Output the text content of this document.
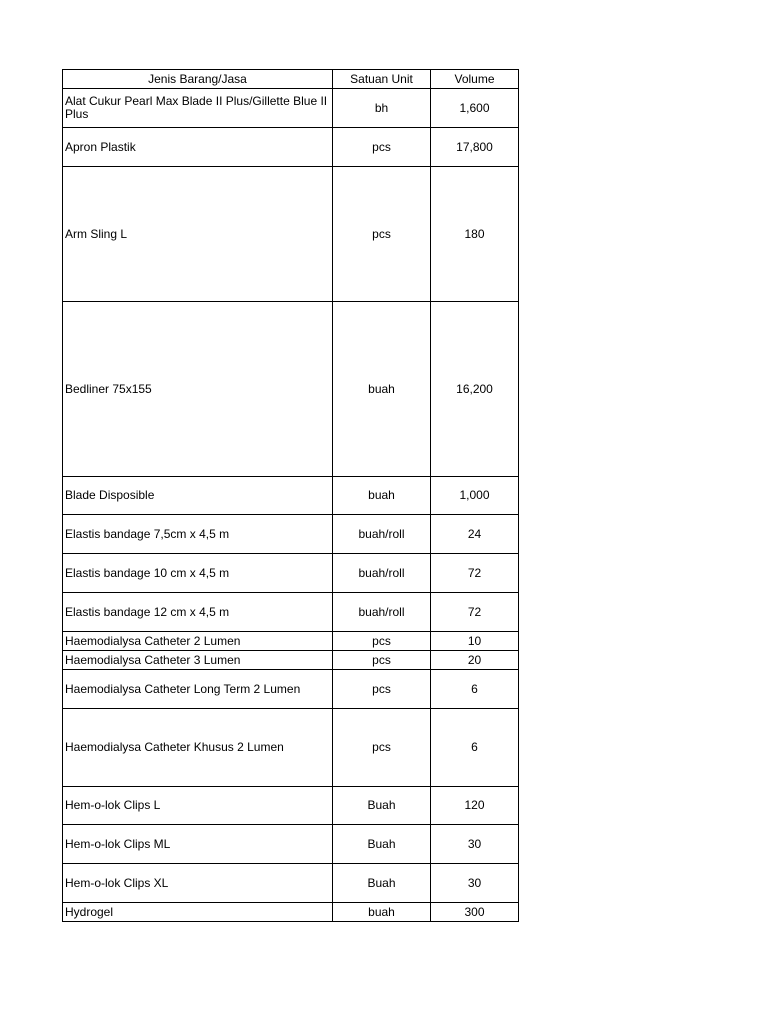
Jenis Barang/Jasa	Satuan Unit	Volume
Alat Cukur Pearl Max Blade II Plus/Gillette Blue II Plus	bh	1,600
Apron Plastik	pcs	17,800
Arm Sling L	pcs	180
Bedliner 75x155	buah	16,200
Blade Disposible	buah	1,000
Elastis bandage 7,5cm x 4,5 m	buah/roll	24
Elastis bandage 10 cm x 4,5 m	buah/roll	72
Elastis bandage 12 cm x 4,5 m	buah/roll	72
Haemodialysa Catheter 2 Lumen	pcs	10
Haemodialysa Catheter 3 Lumen	pcs	20
Haemodialysa Catheter Long Term 2 Lumen	pcs	6
Haemodialysa Catheter Khusus 2 Lumen	pcs	6
Hem-o-lok Clips L	Buah	120
Hem-o-lok Clips ML	Buah	30
Hem-o-lok Clips XL	Buah	30
Hydrogel	buah	300
